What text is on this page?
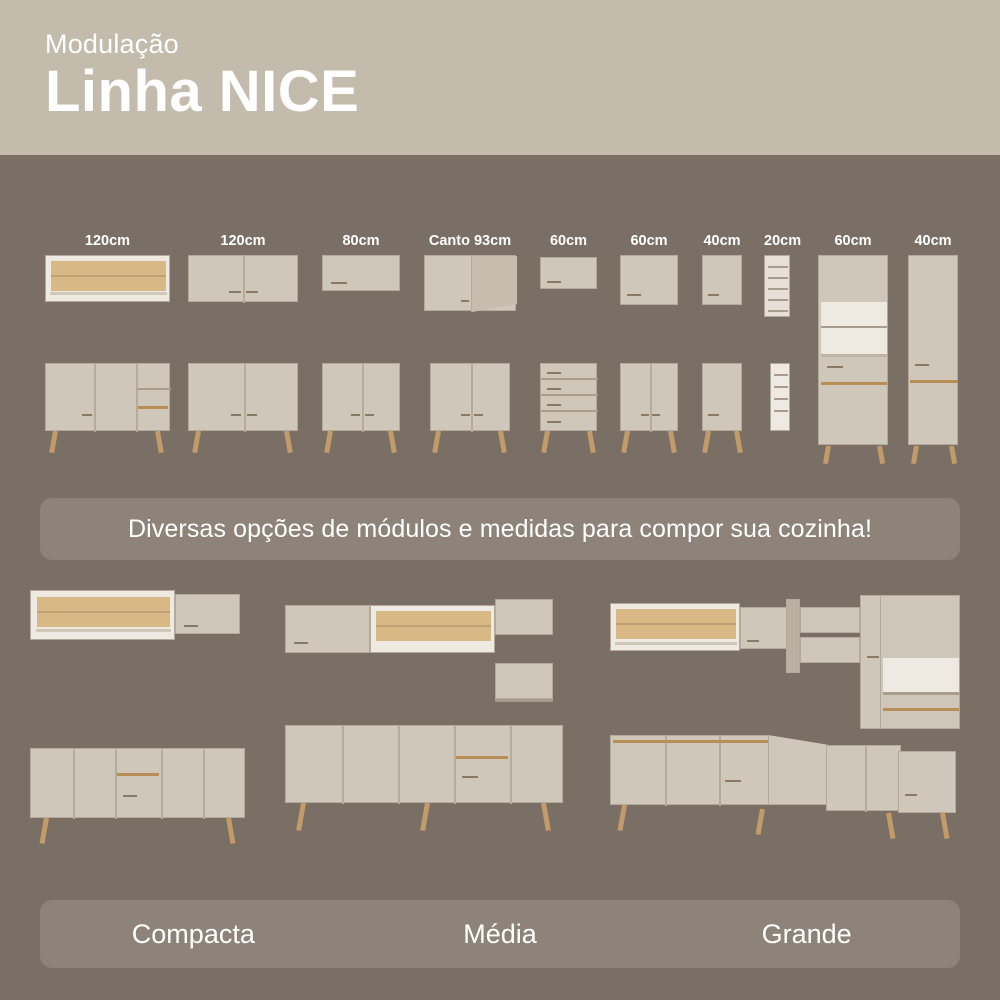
Modulação
Linha NICE
120cm	120cm	80cm	Canto 93cm	60cm	60cm	40cm 20cm	60cm	40cm
Diversas opções de módulos e medidas para compor sua cozinha!
Compacta	Média	Grande
